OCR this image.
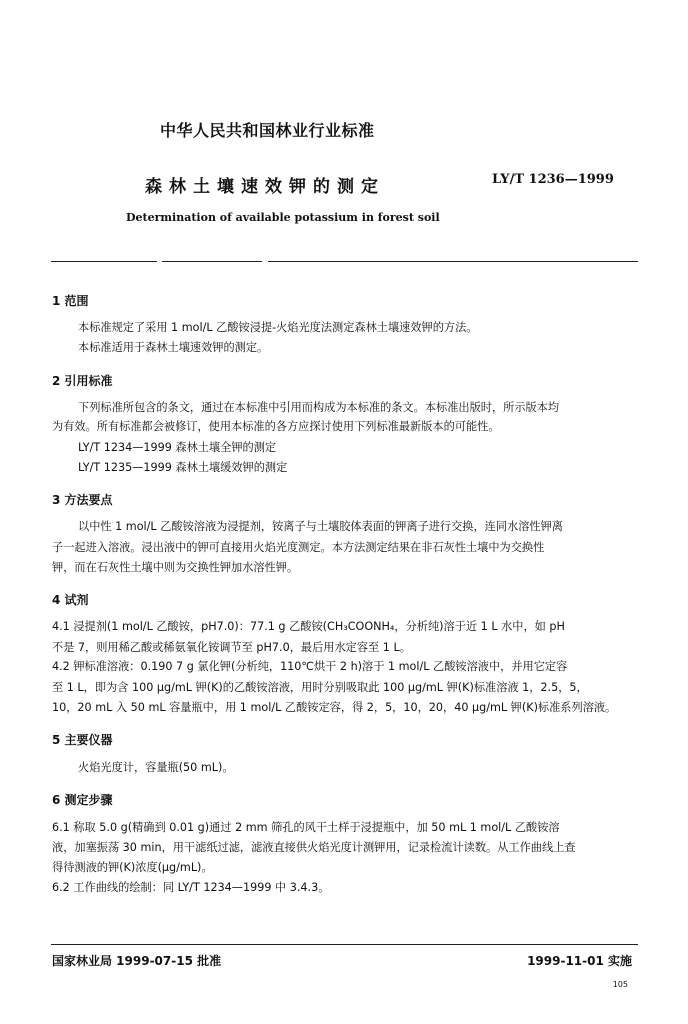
中华人民共和国林业行业标准
森林土壤速效钾的测定	LY/T 1236—1999
Determination of available potassium in forest soil
1 范围
本标准规定了采用 1 mol/L 乙酸铵浸提-火焰光度法测定森林土壤速效钾的方法。
本标准适用于森林土壤速效钾的测定。
2 引用标准
下列标准所包含的条文，通过在本标准中引用而构成为本标准的条文。本标准出版时，所示版本均
为有效。所有标准都会被修订，使用本标准的各方应探讨使用下列标准最新版本的可能性。
LY/T 1234—1999 森林土壤全钾的测定
LY/T 1235—1999 森林土壤缓效钾的测定
3 方法要点
以中性 1 mol/L 乙酸铵溶液为浸提剂，铵离子与土壤胶体表面的钾离子进行交换，连同水溶性钾离
子一起进入溶液。浸出液中的钾可直接用火焰光度测定。本方法测定结果在非石灰性土壤中为交换性
钾，而在石灰性土壤中则为交换性钾加水溶性钾。
4 试剂
4.1 浸提剂(1 mol/L 乙酸铵，pH7.0)：77.1 g 乙酸铵(CH₃COONH₄，分析纯)溶于近 1 L 水中，如 pH
不是 7，则用稀乙酸或稀氨氧化铵调节至 pH7.0，最后用水定容至 1 L。
4.2 钾标准溶液：0.190 7 g 氯化钾(分析纯，110℃烘干 2 h)溶于 1 mol/L 乙酸铵溶液中，并用它定容
至 1 L，即为含 100 μg/mL 钾(K)的乙酸铵溶液，用时分别吸取此 100 μg/mL 钾(K)标准溶液 1，2.5，5，
10，20 mL 入 50 mL 容量瓶中，用 1 mol/L 乙酸铵定容，得 2，5，10，20，40 μg/mL 钾(K)标准系列溶液。
5 主要仪器
火焰光度计，容量瓶(50 mL)。
6 测定步骤
6.1 称取 5.0 g(精确到 0.01 g)通过 2 mm 筛孔的风干土样于浸提瓶中，加 50 mL 1 mol/L 乙酸铵溶
液，加塞振荡 30 min，用干滤纸过滤，滤液直接供火焰光度计测钾用，记录检流计读数。从工作曲线上查
得待测液的钾(K)浓度(μg/mL)。
6.2 工作曲线的绘制：同 LY/T 1234—1999 中 3.4.3。
国家林业局 1999-07-15 批准	1999-11-01 实施
105
